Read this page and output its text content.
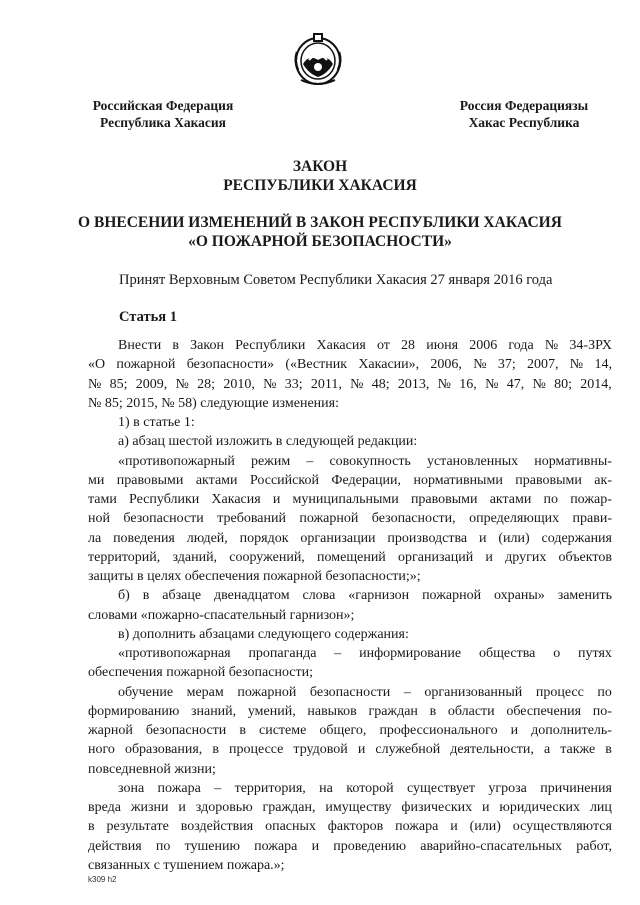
Российская Федерация
Республика Хакасия
Россия Федерациязы
Хакас Республика
ЗАКОН
РЕСПУБЛИКИ ХАКАСИЯ
О ВНЕСЕНИИ ИЗМЕНЕНИЙ В ЗАКОН РЕСПУБЛИКИ ХАКАСИЯ
«О ПОЖАРНОЙ БЕЗОПАСНОСТИ»
Принят Верховным Советом Республики Хакасия 27 января 2016 года
Статья 1
Внести в Закон Республики Хакасия от 28 июня 2006 года № 34-ЗРХ
«О пожарной безопасности» («Вестник Хакасии», 2006, № 37; 2007, № 14,
№ 85; 2009, № 28; 2010, № 33; 2011, № 48; 2013, № 16, № 47, № 80; 2014,
№ 85; 2015, № 58) следующие изменения:
1) в статье 1:
а) абзац шестой изложить в следующей редакции:
«противопожарный режим – совокупность установленных нормативны-
ми правовыми актами Российской Федерации, нормативными правовыми ак-
тами Республики Хакасия и муниципальными правовыми актами по пожар-
ной безопасности требований пожарной безопасности, определяющих прави-
ла поведения людей, порядок организации производства и (или) содержания
территорий, зданий, сооружений, помещений организаций и других объектов
защиты в целях обеспечения пожарной безопасности;»;
б) в абзаце двенадцатом слова «гарнизон пожарной охраны» заменить
словами «пожарно-спасательный гарнизон»;
в) дополнить абзацами следующего содержания:
«противопожарная пропаганда – информирование общества о путях
обеспечения пожарной безопасности;
обучение мерам пожарной безопасности – организованный процесс по
формированию знаний, умений, навыков граждан в области обеспечения по-
жарной безопасности в системе общего, профессионального и дополнитель-
ного образования, в процессе трудовой и служебной деятельности, а также в
повседневной жизни;
зона пожара – территория, на которой существует угроза причинения
вреда жизни и здоровью граждан, имуществу физических и юридических лиц
в результате воздействия опасных факторов пожара и (или) осуществляются
действия по тушению пожара и проведению аварийно-спасательных работ,
связанных с тушением пожара.»;
k309 h2
